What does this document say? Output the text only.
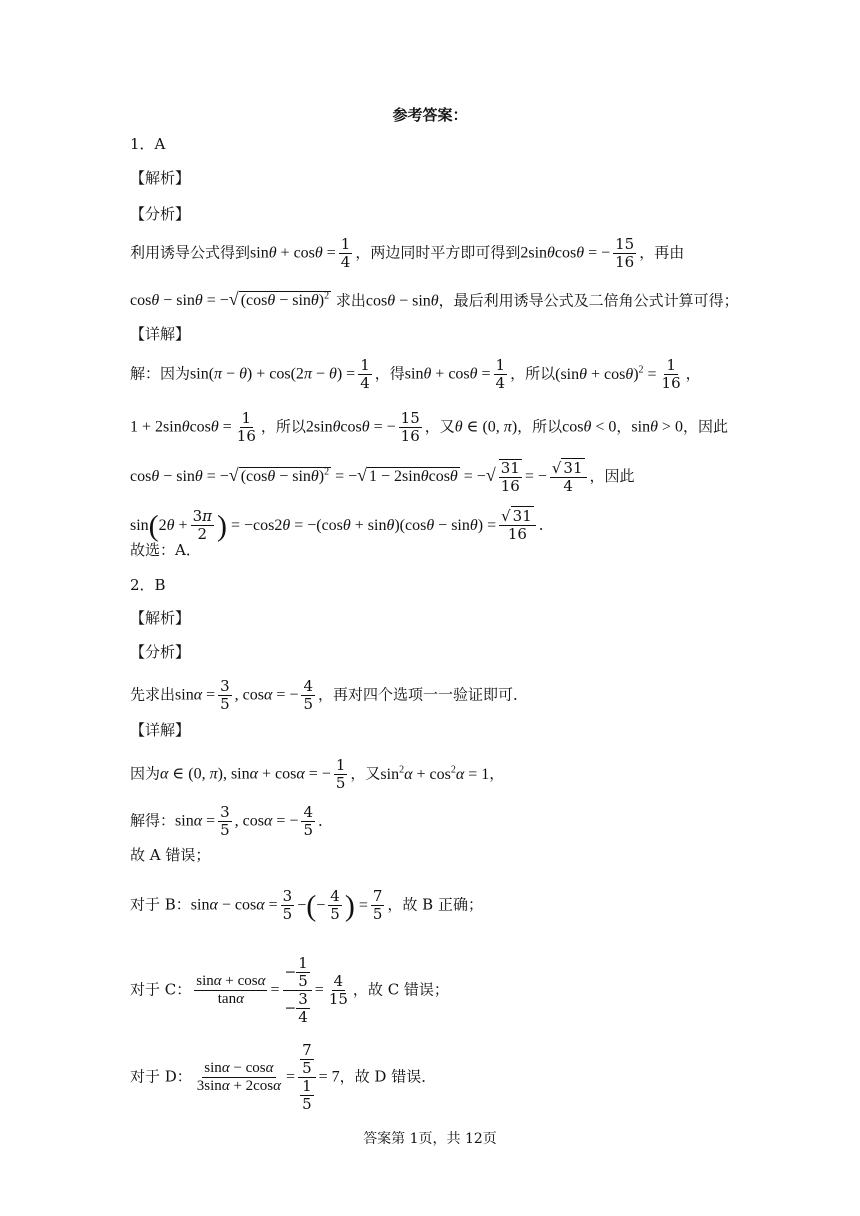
参考答案：
1．A
【解析】
【分析】
利用诱导公式得到$\sin\theta + \cos\theta = \frac{1}{4}$ ，两边同时平方即可得到2sinθcosθ = − $\frac{15}{16}$ ，再由
cosθ − sinθ = −√ $(\cos\theta - \sin\theta)^2$ 求出cosθ − sinθ，最后利用诱导公式及二倍角公式计算可得；
【详解】
解：因为$\sin(\pi - \theta) + \cos(2\pi - \theta) = \frac{1}{4}$ ，得$\sin\theta + \cos\theta = \frac{1}{4}$ ，所以$(\sin\theta + \cos\theta)^2 = \frac{1}{16}$ ，
$1 + 2\sin\theta\cos\theta = \frac{1}{16}$ ，所以2sinθcosθ = − $\frac{15}{16}$ ，又θ ∈ (0, π)，所以cosθ < 0，sinθ > 0，因此
cosθ − sinθ = −√ $(\cos\theta - \sin\theta)^2$ = −√ 1 − 2sinθcosθ = −√ $\frac{31}{16}$ = − $\frac{√ 31}{4}$ ，因此
$\sin(2\theta + \frac{3\pi}{2}$ ) = $-\cos 2\theta = -(\cos\theta + \sin\theta)(\cos\theta - \sin\theta) = \frac{√ 31}{16}$ ．
故选：A．
2．B
【解析】
【分析】
先求出$\sin\alpha = \frac{3}{5}$ , cosα = − $\frac{4}{5}$ ，再对四个选项一一验证即可．
【详解】
因为α ∈ (0, π), sinα + cosα = − $\frac{1}{5}$ ，又$\sin^2\alpha + \cos^2\alpha = 1$，
解得：$\sin\alpha = \frac{3}{5}$ , cosα = − $\frac{4}{5}$ ．
故 A 错误；
对于 B：$\sin\alpha - \cos\alpha = \frac{3}{5}$ −(− $\frac{4}{5}$ ) = $\frac{7}{5}$ ，故 B 正确；
对于 C： $\frac{\sin\alpha + \cos\alpha}{\tan\alpha} = \frac{- \frac{1}{5}}{- \frac{3}{4}} = \frac{4}{15}$ ，故 C 错误；
对于 D： $\frac{\sin\alpha - \cos\alpha}{3\sin\alpha + 2\cos\alpha} = \frac{\frac{7}{5}}{\frac{1}{5}} = 7$，故 D 错误．
答案第 1页，共 12页
